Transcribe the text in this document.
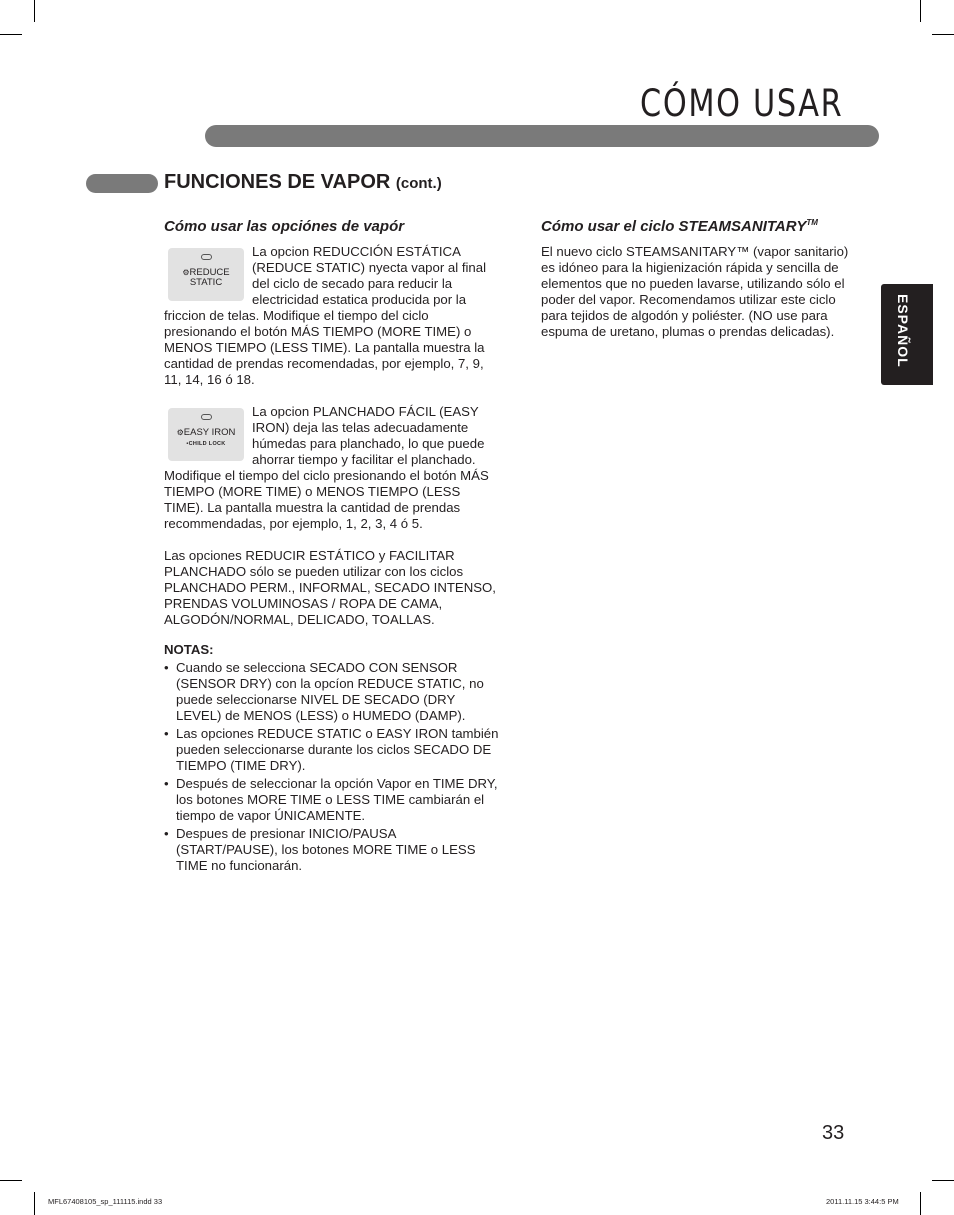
CÓMO USAR
FUNCIONES DE VAPOR (cont.)
Cómo usar las opciónes de vapór	Cómo usar el ciclo STEAMSANITARY™
⚙REDUCE
STATIC

La opcion REDUCCIÓN ESTÁTICA (REDUCE STATIC) nyecta vapor al final del ciclo de secado para reducir la electricidad estatica producida por la friccion de telas. Modifique el tiempo del ciclo presionando el botón MÁS TIEMPO (MORE TIME) o MENOS TIEMPO (LESS TIME). La pantalla muestra la cantidad de prendas recomendadas, por ejemplo, 7, 9, 11, 14, 16 ó 18.

⚙EASY IRON
•CHILD LOCK

La opcion PLANCHADO FÁCIL (EASY IRON) deja las telas adecuadamente húmedas para planchado, lo que puede ahorrar tiempo y facilitar el planchado. Modifique el tiempo del ciclo presionando el botón MÁS TIEMPO (MORE TIME) o MENOS TIEMPO (LESS TIME). La pantalla muestra la cantidad de prendas recommendadas, por ejemplo, 1, 2, 3, 4 ó 5.

Las opciones REDUCIR ESTÁTICO y FACILITAR PLANCHADO sólo se pueden utilizar con los ciclos PLANCHADO PERM., INFORMAL, SECADO INTENSO, PRENDAS VOLUMINOSAS / ROPA DE CAMA, ALGODÓN/NORMAL, DELICADO, TOALLAS.

NOTAS:

• Cuando se selecciona SECADO CON SENSOR (SENSOR DRY) con la opcíon REDUCE STATIC, no puede seleccionarse NIVEL DE SECADO (DRY LEVEL) de MENOS (LESS) o HUMEDO (DAMP).
• Las opciones REDUCE STATIC o EASY IRON también pueden seleccionarse durante los ciclos SECADO DE TIEMPO (TIME DRY).
• Después de seleccionar la opción Vapor en TIME DRY, los botones MORE TIME o LESS TIME cambiarán el tiempo de vapor ÚNICAMENTE.
• Despues de presionar INICIO/PAUSA (START/PAUSE), los botones MORE TIME o LESS TIME no funcionarán.

El nuevo ciclo STEAMSANITARY™ (vapor sanitario) es idóneo para la higienización rápida y sencilla de elementos que no pueden lavarse, utilizando sólo el poder del vapor. Recomendamos utilizar este ciclo para tejidos de algodón y poliéster. (NO use para espuma de uretano, plumas o prendas delicadas).	ESPAÑOL
33
MFL67408105_sp_111115.indd 33	2011.11.15 3:44:5 PM
